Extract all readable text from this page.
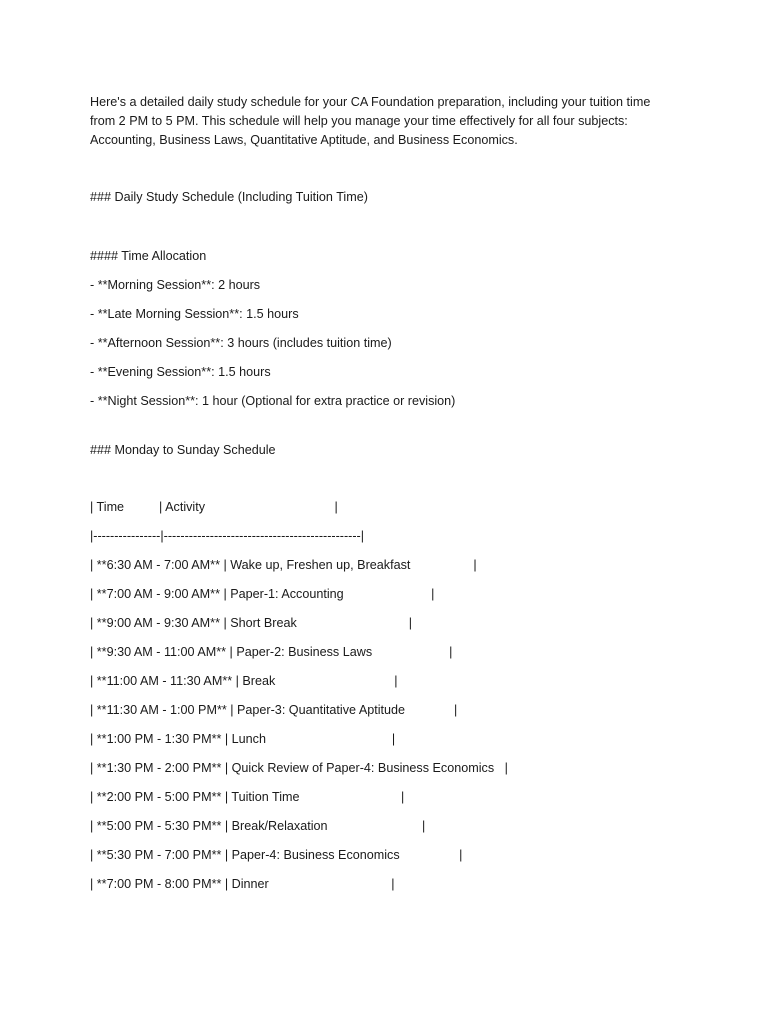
Here's a detailed daily study schedule for your CA Foundation preparation, including your tuition time

from 2 PM to 5 PM. This schedule will help you manage your time effectively for all four subjects:

Accounting, Business Laws, Quantitative Aptitude, and Business Economics.

### Daily Study Schedule (Including Tuition Time)

#### Time Allocation

- **Morning Session**: 2 hours

- **Late Morning Session**: 1.5 hours

- **Afternoon Session**: 3 hours (includes tuition time)

- **Evening Session**: 1.5 hours

- **Night Session**: 1 hour (Optional for extra practice or revision)

### Monday to Sunday Schedule

| Time          | Activity                                     |

|----------------|-----------------------------------------------|

| **6:30 AM - 7:00 AM** | Wake up, Freshen up, Breakfast                  |

| **7:00 AM - 9:00 AM** | Paper-1: Accounting                         |

| **9:00 AM - 9:30 AM** | Short Break                                |

| **9:30 AM - 11:00 AM** | Paper-2: Business Laws                      |

| **11:00 AM - 11:30 AM** | Break                                  |

| **11:30 AM - 1:00 PM** | Paper-3: Quantitative Aptitude              |

| **1:00 PM - 1:30 PM** | Lunch                                    |

| **1:30 PM - 2:00 PM** | Quick Review of Paper-4: Business Economics   |

| **2:00 PM - 5:00 PM** | Tuition Time                             |

| **5:00 PM - 5:30 PM** | Break/Relaxation                           |

| **5:30 PM - 7:00 PM** | Paper-4: Business Economics                 |

| **7:00 PM - 8:00 PM** | Dinner                                   |
